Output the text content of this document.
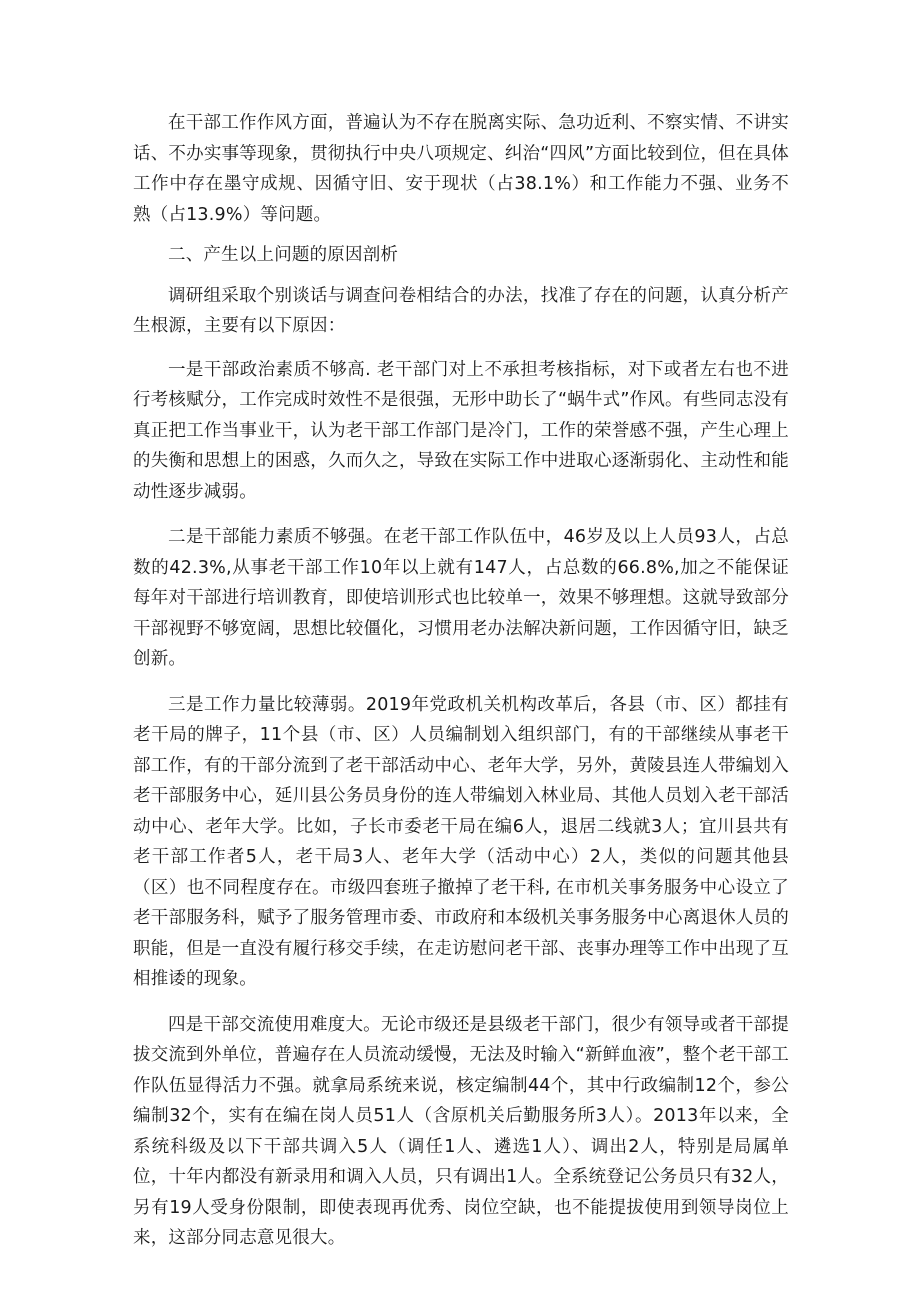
在干部工作作风方面，普遍认为不存在脱离实际、急功近利、不察实情、不讲实话、不办实事等现象，贯彻执行中央八项规定、纠治“四风”方面比较到位，但在具体工作中存在墨守成规、因循守旧、安于现状（占38.1%）和工作能力不强、业务不熟（占13.9%）等问题。

二、产生以上问题的原因剖析

调研组采取个别谈话与调查问卷相结合的办法，找准了存在的问题，认真分析产生根源，主要有以下原因：

一是干部政治素质不够高. 老干部门对上不承担考核指标，对下或者左右也不进行考核赋分，工作完成时效性不是很强，无形中助长了“蜗牛式”作风。有些同志没有真正把工作当事业干，认为老干部工作部门是冷门，工作的荣誉感不强，产生心理上的失衡和思想上的困惑，久而久之，导致在实际工作中进取心逐渐弱化、主动性和能动性逐步减弱。

二是干部能力素质不够强。在老干部工作队伍中，46岁及以上人员93人，占总数的42.3%,从事老干部工作10年以上就有147人，占总数的66.8%,加之不能保证每年对干部进行培训教育，即使培训形式也比较单一，效果不够理想。这就导致部分干部视野不够宽阔，思想比较僵化，习惯用老办法解决新问题，工作因循守旧，缺乏创新。

三是工作力量比较薄弱。2019年党政机关机构改革后，各县（市、区）都挂有老干局的牌子，11个县（市、区）人员编制划入组织部门，有的干部继续从事老干部工作，有的干部分流到了老干部活动中心、老年大学，另外，黄陵县连人带编划入老干部服务中心，延川县公务员身份的连人带编划入林业局、其他人员划入老干部活动中心、老年大学。比如，子长市委老干局在编6人，退居二线就3人；宜川县共有老干部工作者5人，老干局3人、老年大学（活动中心）2人，类似的问题其他县（区）也不同程度存在。市级四套班子撤掉了老干科, 在市机关事务服务中心设立了老干部服务科，赋予了服务管理市委、市政府和本级机关事务服务中心离退休人员的职能，但是一直没有履行移交手续，在走访慰问老干部、丧事办理等工作中出现了互相推诿的现象。

四是干部交流使用难度大。无论市级还是县级老干部门，很少有领导或者干部提拔交流到外单位，普遍存在人员流动缓慢，无法及时输入“新鲜血液”，整个老干部工作队伍显得活力不强。就拿局系统来说，核定编制44个，其中行政编制12个，参公编制32个，实有在编在岗人员51人（含原机关后勤服务所3人）。2013年以来，全系统科级及以下干部共调入5人（调任1人、遴选1人）、调出2人，特别是局属单位，十年内都没有新录用和调入人员，只有调出1人。全系统登记公务员只有32人，另有19人受身份限制，即使表现再优秀、岗位空缺，也不能提拔使用到领导岗位上来，这部分同志意见很大。
